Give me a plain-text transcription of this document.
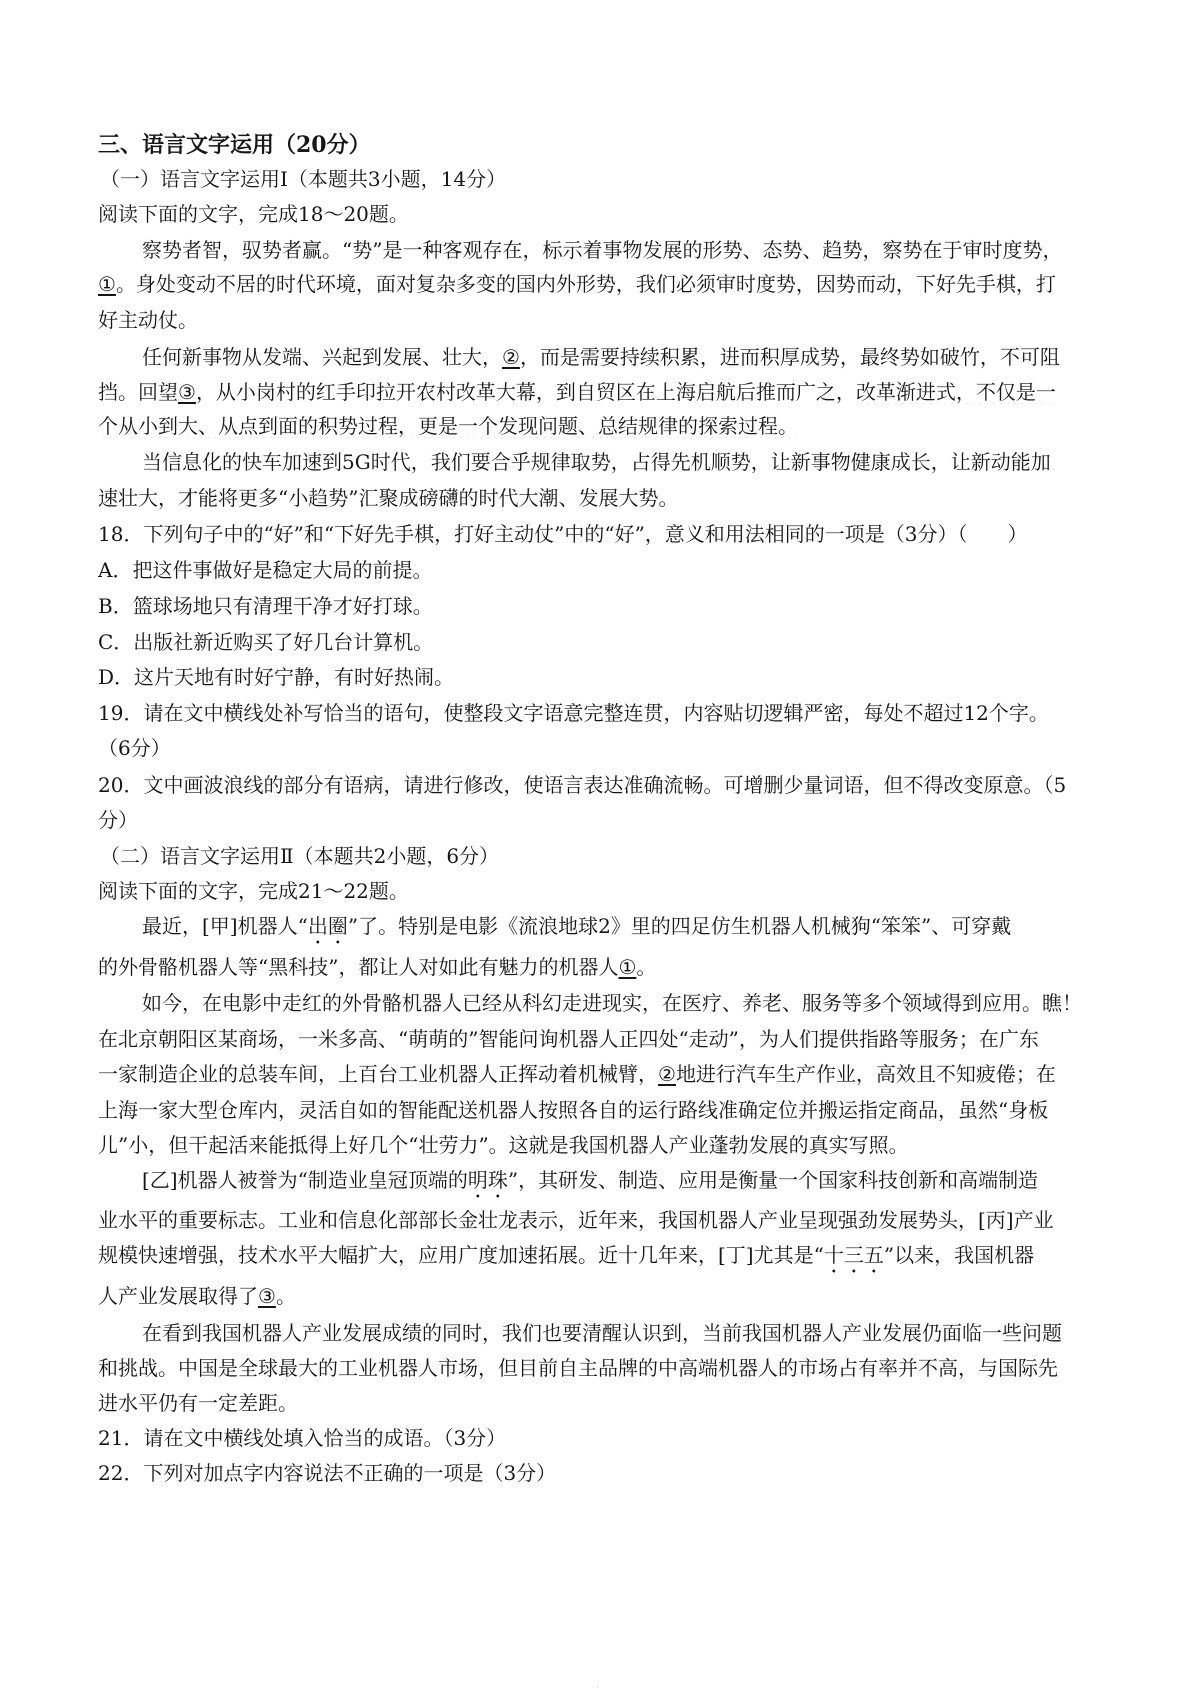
三、语言文字运用（20分）
（一）语言文字运用Ⅰ（本题共3小题，14分）
阅读下面的文字，完成18～20题。
察势者智，驭势者赢。“势”是一种客观存在，标示着事物发展的形势、态势、趋势，察势在于审时度势，
①。身处变动不居的时代环境，面对复杂多变的国内外形势，我们必须审时度势，因势而动，下好先手棋，打
好主动仗。
任何新事物从发端、兴起到发展、壮大，②，而是需要持续积累，进而积厚成势，最终势如破竹，不可阻
挡。回望③，从小岗村的红手印拉开农村改革大幕，到自贸区在上海启航后推而广之，改革渐进式，不仅是一
个从小到大、从点到面的积势过程，更是一个发现问题、总结规律的探索过程。
当信息化的快车加速到5G时代，我们要合乎规律取势，占得先机顺势，让新事物健康成长，让新动能加
速壮大，才能将更多“小趋势”汇聚成磅礴的时代大潮、发展大势。
18．下列句子中的“好”和“下好先手棋，打好主动仗”中的“好”，意义和用法相同的一项是（3分）（　　）
A．把这件事做好是稳定大局的前提。
B．篮球场地只有清理干净才好打球。
C．出版社新近购买了好几台计算机。
D．这片天地有时好宁静，有时好热闹。
19．请在文中横线处补写恰当的语句，使整段文字语意完整连贯，内容贴切逻辑严密，每处不超过12个字。
（6分）
20．文中画波浪线的部分有语病，请进行修改，使语言表达准确流畅。可增删少量词语，但不得改变原意。（5
分）
（二）语言文字运用Ⅱ（本题共2小题，6分）
阅读下面的文字，完成21～22题。
最近，[甲]机器人“出圈”了。特别是电影《流浪地球2》里的四足仿生机器人机械狗“笨笨”、可穿戴
的外骨骼机器人等“黑科技”，都让人对如此有魅力的机器人①。
如今，在电影中走红的外骨骼机器人已经从科幻走进现实，在医疗、养老、服务等多个领域得到应用。瞧！
在北京朝阳区某商场，一米多高、“萌萌的”智能问询机器人正四处“走动”，为人们提供指路等服务；在广东
一家制造企业的总装车间，上百台工业机器人正挥动着机械臂，②地进行汽车生产作业，高效且不知疲倦；在
上海一家大型仓库内，灵活自如的智能配送机器人按照各自的运行路线准确定位并搬运指定商品，虽然“身板
儿”小，但干起活来能抵得上好几个“壮劳力”。这就是我国机器人产业蓬勃发展的真实写照。
[乙]机器人被誉为“制造业皇冠顶端的明珠”，其研发、制造、应用是衡量一个国家科技创新和高端制造
业水平的重要标志。工业和信息化部部长金壮龙表示，近年来，我国机器人产业呈现强劲发展势头，[丙]产业
规模快速增强，技术水平大幅扩大，应用广度加速拓展。近十几年来，[丁]尤其是“十三五”以来，我国机器
人产业发展取得了③。
在看到我国机器人产业发展成绩的同时，我们也要清醒认识到，当前我国机器人产业发展仍面临一些问题
和挑战。中国是全球最大的工业机器人市场，但目前自主品牌的中高端机器人的市场占有率并不高，与国际先
进水平仍有一定差距。
21．请在文中横线处填入恰当的成语。（3分）
22．下列对加点字内容说法不正确的一项是（3分）
·
